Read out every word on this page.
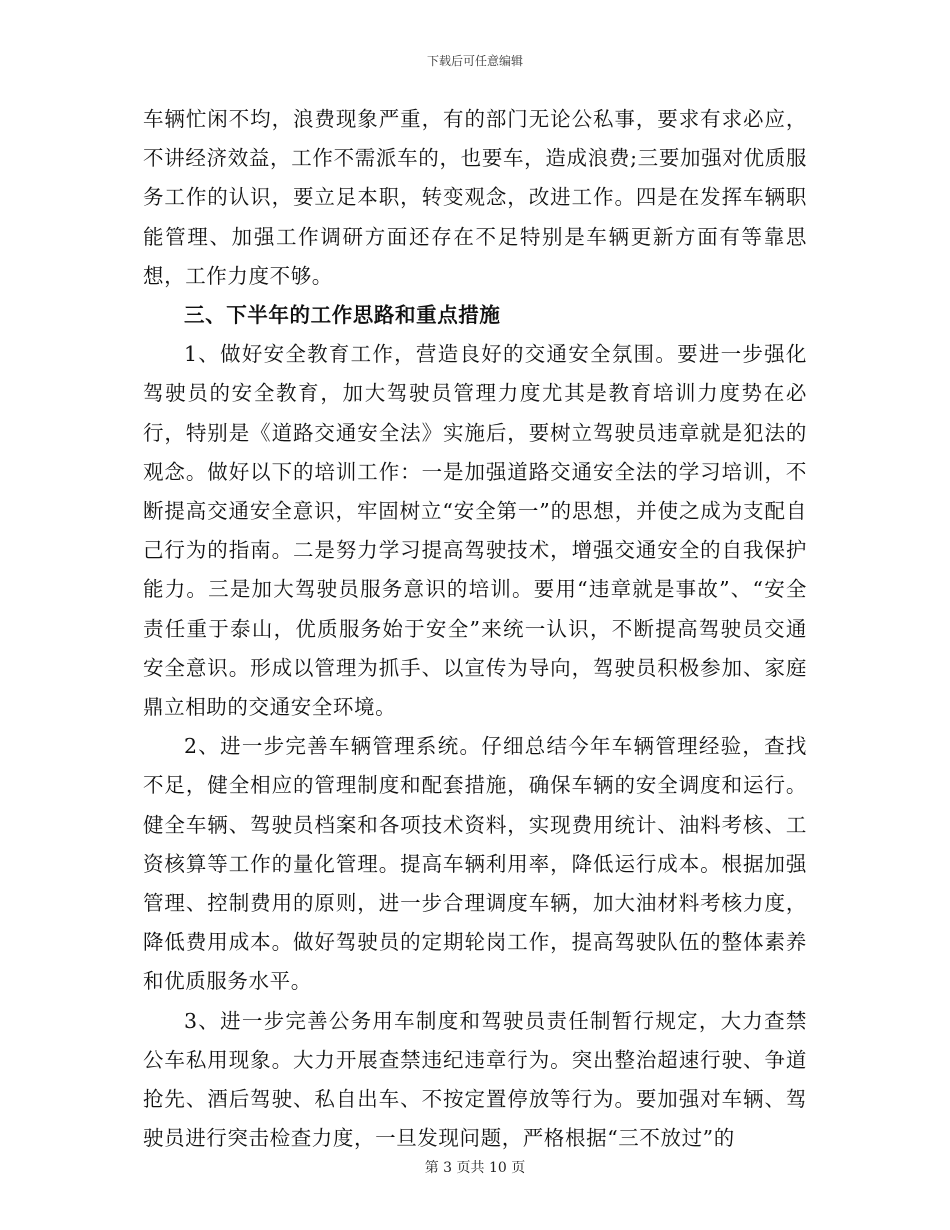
下载后可任意编辑

车辆忙闲不均，浪费现象严重，有的部门无论公私事，要求有求必应，不讲经济效益，工作不需派车的，也要车，造成浪费;三要加强对优质服务工作的认识，要立足本职，转变观念，改进工作。四是在发挥车辆职能管理、加强工作调研方面还存在不足特别是车辆更新方面有等靠思想，工作力度不够。

三、下半年的工作思路和重点措施

1、做好安全教育工作，营造良好的交通安全氛围。要进一步强化驾驶员的安全教育，加大驾驶员管理力度尤其是教育培训力度势在必行，特别是《道路交通安全法》实施后，要树立驾驶员违章就是犯法的观念。做好以下的培训工作：一是加强道路交通安全法的学习培训，不断提高交通安全意识，牢固树立“安全第一”的思想，并使之成为支配自己行为的指南。二是努力学习提高驾驶技术，增强交通安全的自我保护能力。三是加大驾驶员服务意识的培训。要用“违章就是事故”、“安全责任重于泰山，优质服务始于安全”来统一认识，不断提高驾驶员交通安全意识。形成以管理为抓手、以宣传为导向，驾驶员积极参加、家庭鼎立相助的交通安全环境。

2、进一步完善车辆管理系统。仔细总结今年车辆管理经验，查找不足，健全相应的管理制度和配套措施，确保车辆的安全调度和运行。健全车辆、驾驶员档案和各项技术资料，实现费用统计、油料考核、工资核算等工作的量化管理。提高车辆利用率，降低运行成本。根据加强管理、控制费用的原则，进一步合理调度车辆，加大油材料考核力度，降低费用成本。做好驾驶员的定期轮岗工作，提高驾驶队伍的整体素养和优质服务水平。

3、进一步完善公务用车制度和驾驶员责任制暂行规定，大力查禁公车私用现象。大力开展查禁违纪违章行为。突出整治超速行驶、争道抢先、酒后驾驶、私自出车、不按定置停放等行为。要加强对车辆、驾驶员进行突击检查力度，一旦发现问题，严格根据“三不放过”的

第 3 页共 10 页
